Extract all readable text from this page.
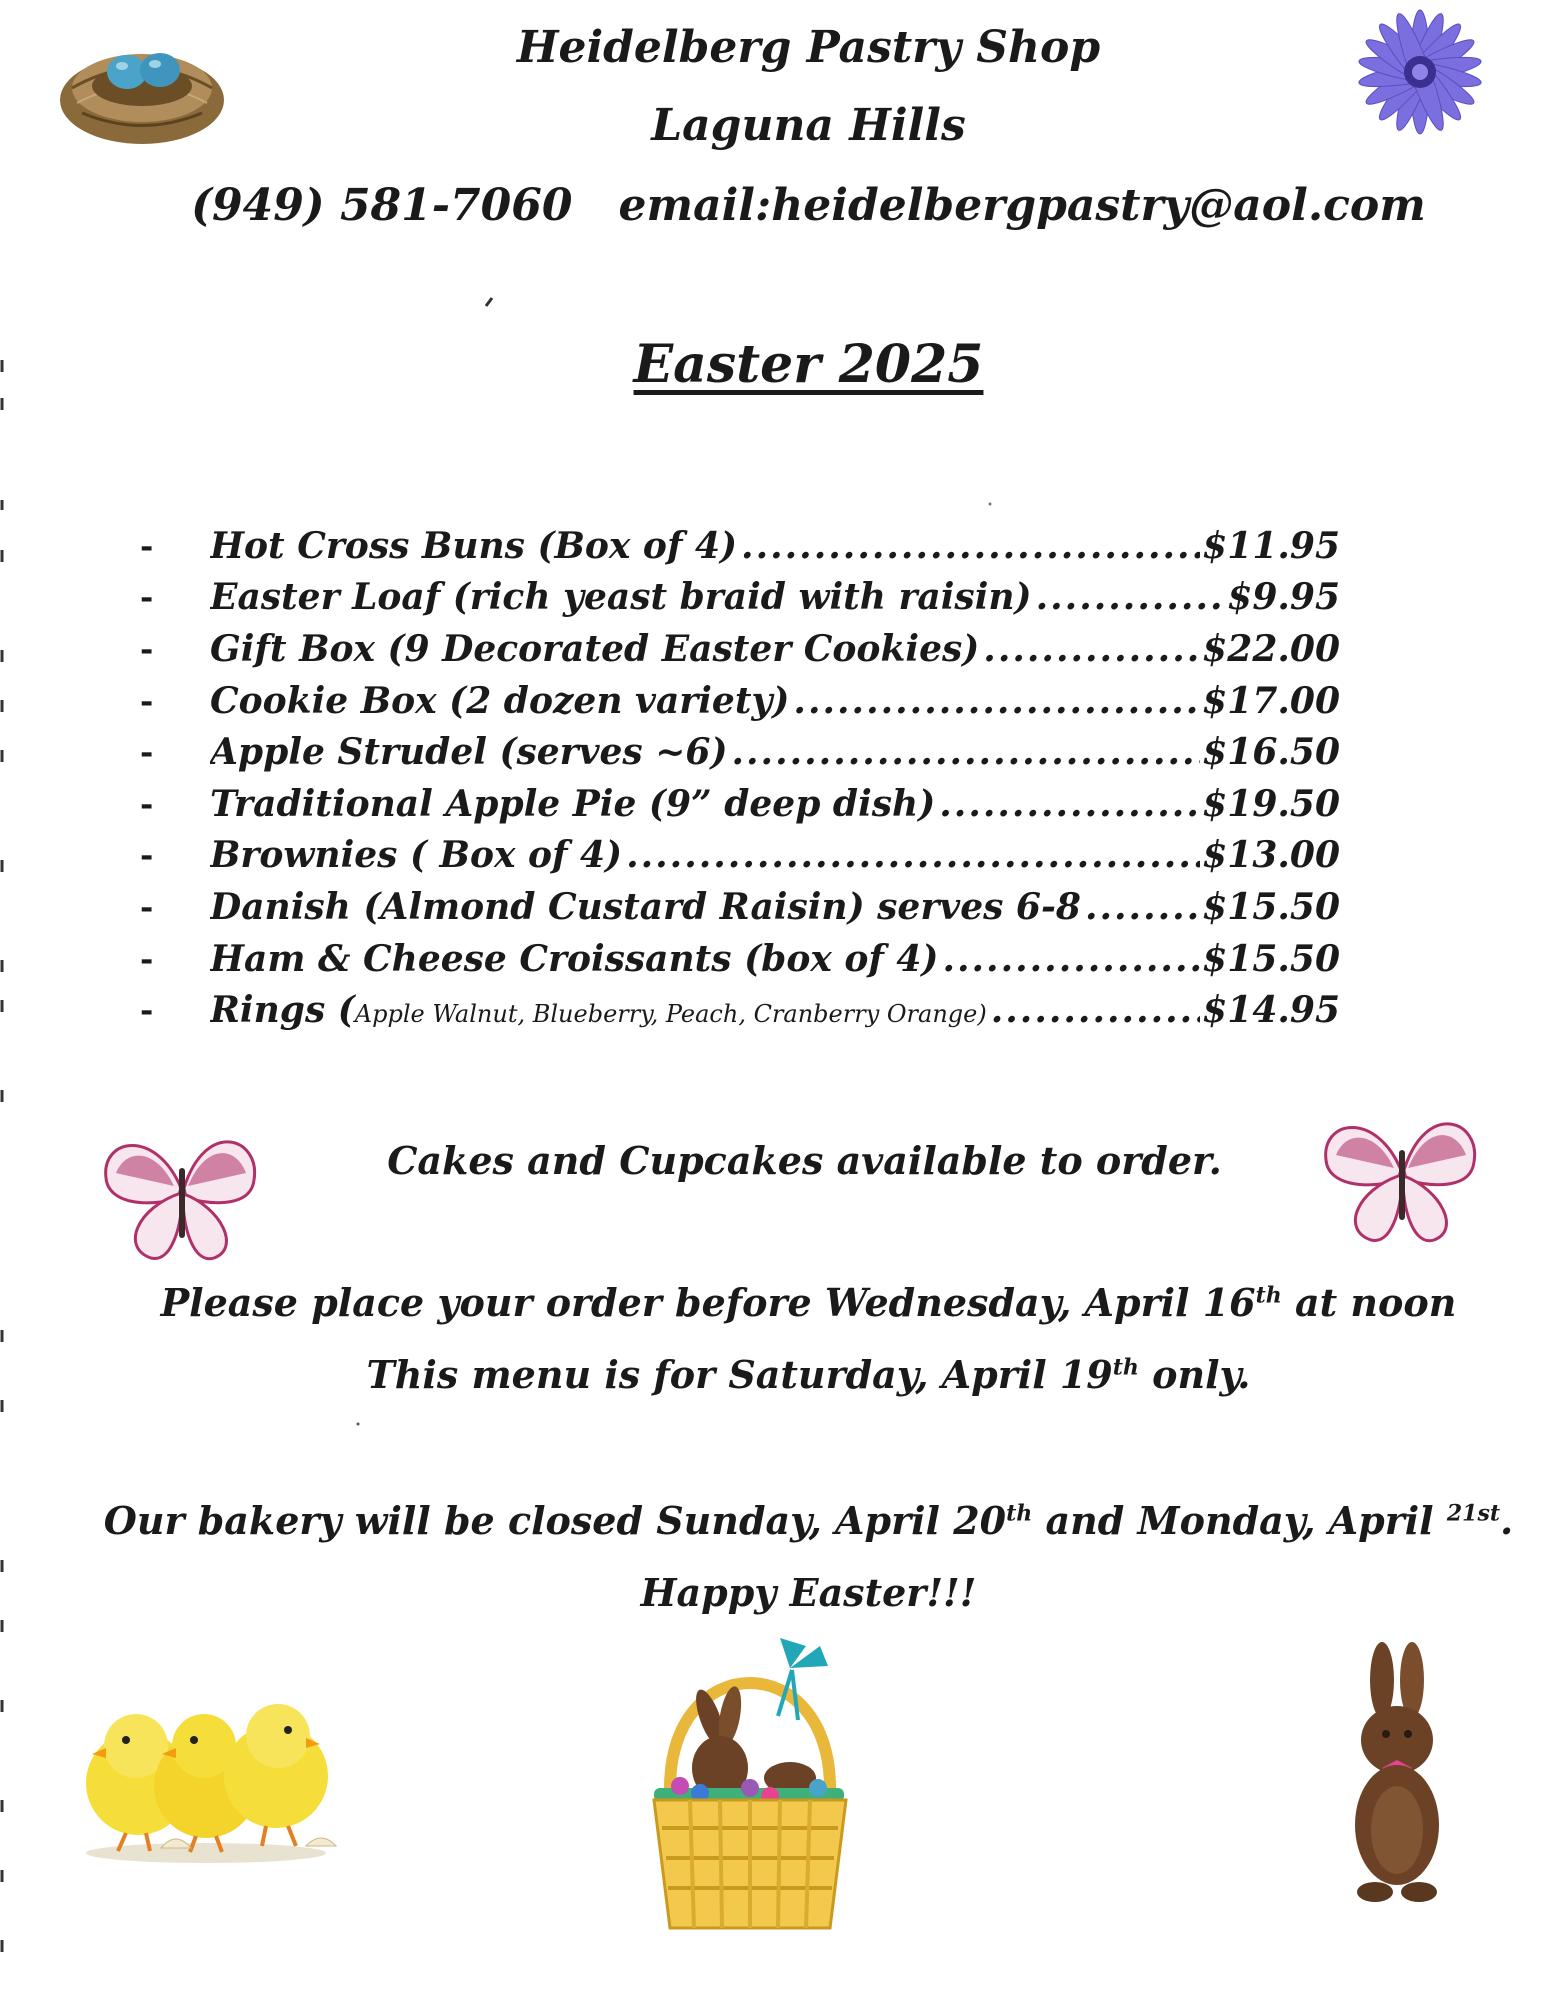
Heidelberg Pastry Shop
Laguna Hills
(949) 581-7060 email:heidelbergpastry@aol.com
Easter 2025
-	Hot Cross Buns (Box of 4) .....	$11.95
-	Easter Loaf (rich yeast braid with raisin) .....	$9.95
-	Gift Box (9 Decorated Easter Cookies) .....	$22.00
-	Cookie Box (2 dozen variety) .....	$17.00
-	Apple Strudel (serves ~6) .....	$16.50
-	Traditional Apple Pie (9” deep dish) .....	$19.50
-	Brownies ( Box of 4) .....	$13.00
-	Danish (Almond Custard Raisin) serves 6-8 .....	$15.50
-	Ham & Cheese Croissants (box of 4) .....	$15.50
-	Rings (Apple Walnut, Blueberry, Peach, Cranberry Orange) .....	$14.95
Cakes and Cupcakes available to order.
Please place your order before Wednesday, April 16th at noon
This menu is for Saturday, April 19th only.
Our bakery will be closed Sunday, April 20th and Monday, April $^{21st}$.
Happy Easter!!!
